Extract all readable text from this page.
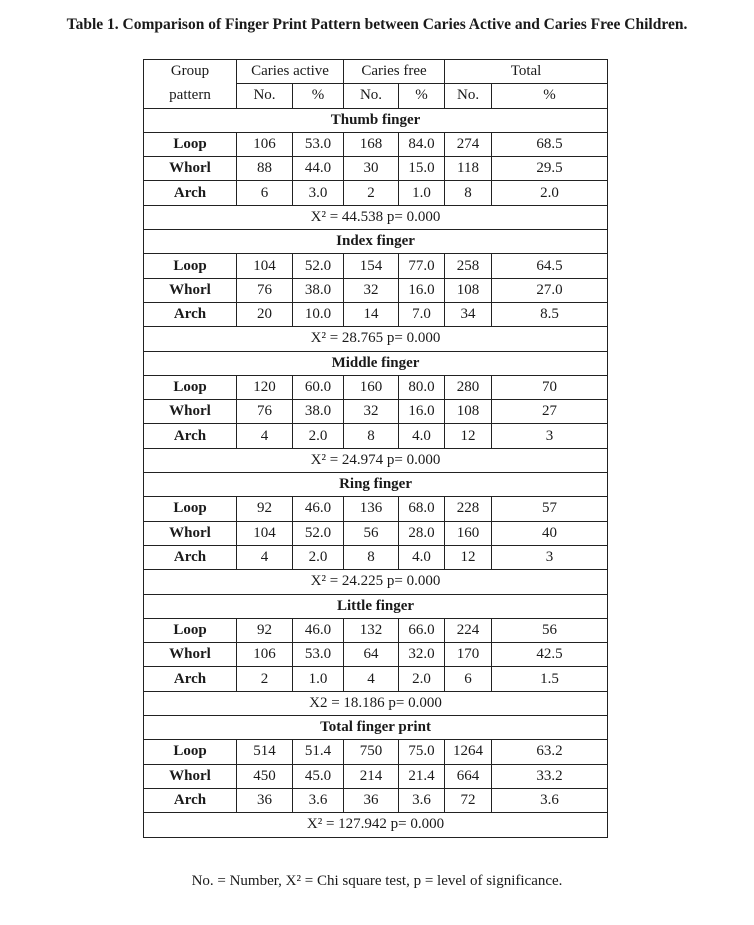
Table 1. Comparison of Finger Print Pattern between Caries Active and Caries Free Children.
Group	Caries active		Caries free		Total	
pattern	No.	%	No.	%	No.	%
Thumb finger						
Loop	106	53.0	168	84.0	274	68.5
Whorl	88	44.0	30	15.0	118	29.5
Arch	6	3.0	2	1.0	8	2.0
X² = 44.538 p= 0.000						
Index finger						
Loop	104	52.0	154	77.0	258	64.5
Whorl	76	38.0	32	16.0	108	27.0
Arch	20	10.0	14	7.0	34	8.5
X² = 28.765 p= 0.000						
Middle finger						
Loop	120	60.0	160	80.0	280	70
Whorl	76	38.0	32	16.0	108	27
Arch	4	2.0	8	4.0	12	3
X² = 24.974 p= 0.000						
Ring finger						
Loop	92	46.0	136	68.0	228	57
Whorl	104	52.0	56	28.0	160	40
Arch	4	2.0	8	4.0	12	3
X² = 24.225 p= 0.000						
Little finger						
Loop	92	46.0	132	66.0	224	56
Whorl	106	53.0	64	32.0	170	42.5
Arch	2	1.0	4	2.0	6	1.5
X2 = 18.186 p= 0.000						
Total finger print						
Loop	514	51.4	750	75.0	1264	63.2
Whorl	450	45.0	214	21.4	664	33.2
Arch	36	3.6	36	3.6	72	3.6
X² = 127.942 p= 0.000						
No. = Number, X² = Chi square test, p = level of significance.
